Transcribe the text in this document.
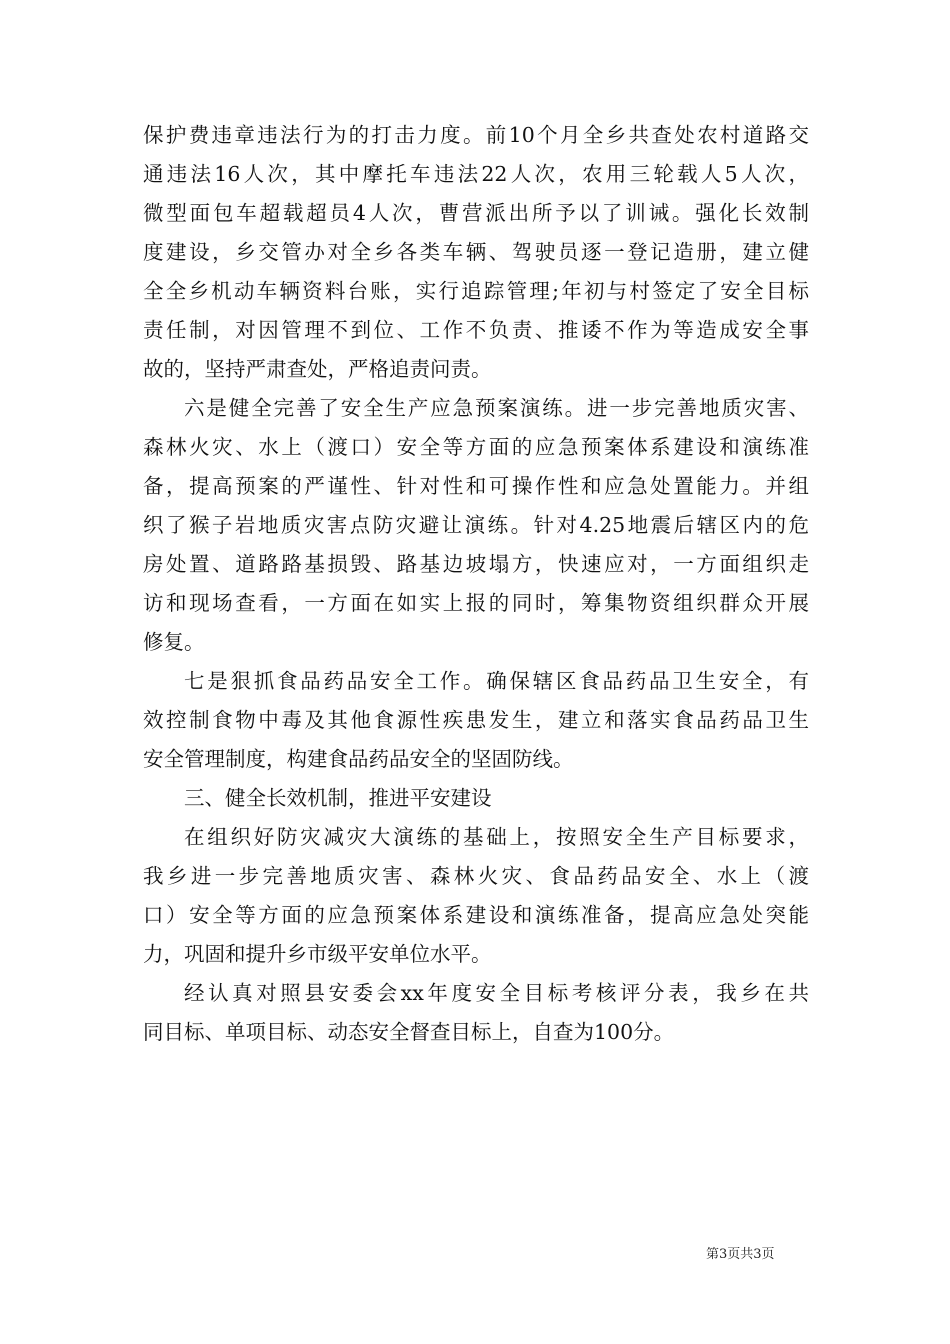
保护费违章违法行为的打击力度。前10个月全乡共查处农村道路交
通违法16人次，其中摩托车违法22人次，农用三轮载人5人次，
微型面包车超载超员4人次，曹营派出所予以了训诫。强化长效制
度建设，乡交管办对全乡各类车辆、驾驶员逐一登记造册，建立健
全全乡机动车辆资料台账，实行追踪管理;年初与村签定了安全目标
责任制，对因管理不到位、工作不负责、推诿不作为等造成安全事
故的，坚持严肃查处，严格追责问责。
六是健全完善了安全生产应急预案演练。进一步完善地质灾害、
森林火灾、水上（渡口）安全等方面的应急预案体系建设和演练准
备，提高预案的严谨性、针对性和可操作性和应急处置能力。并组
织了猴子岩地质灾害点防灾避让演练。针对4.25地震后辖区内的危
房处置、道路路基损毁、路基边坡塌方，快速应对，一方面组织走
访和现场查看，一方面在如实上报的同时，筹集物资组织群众开展
修复。
七是狠抓食品药品安全工作。确保辖区食品药品卫生安全，有
效控制食物中毒及其他食源性疾患发生，建立和落实食品药品卫生
安全管理制度，构建食品药品安全的坚固防线。
三、健全长效机制，推进平安建设
在组织好防灾减灾大演练的基础上，按照安全生产目标要求，
我乡进一步完善地质灾害、森林火灾、食品药品安全、水上（渡
口）安全等方面的应急预案体系建设和演练准备，提高应急处突能
力，巩固和提升乡市级平安单位水平。
经认真对照县安委会xx年度安全目标考核评分表，我乡在共
同目标、单项目标、动态安全督查目标上，自查为100分。
第3页共3页
